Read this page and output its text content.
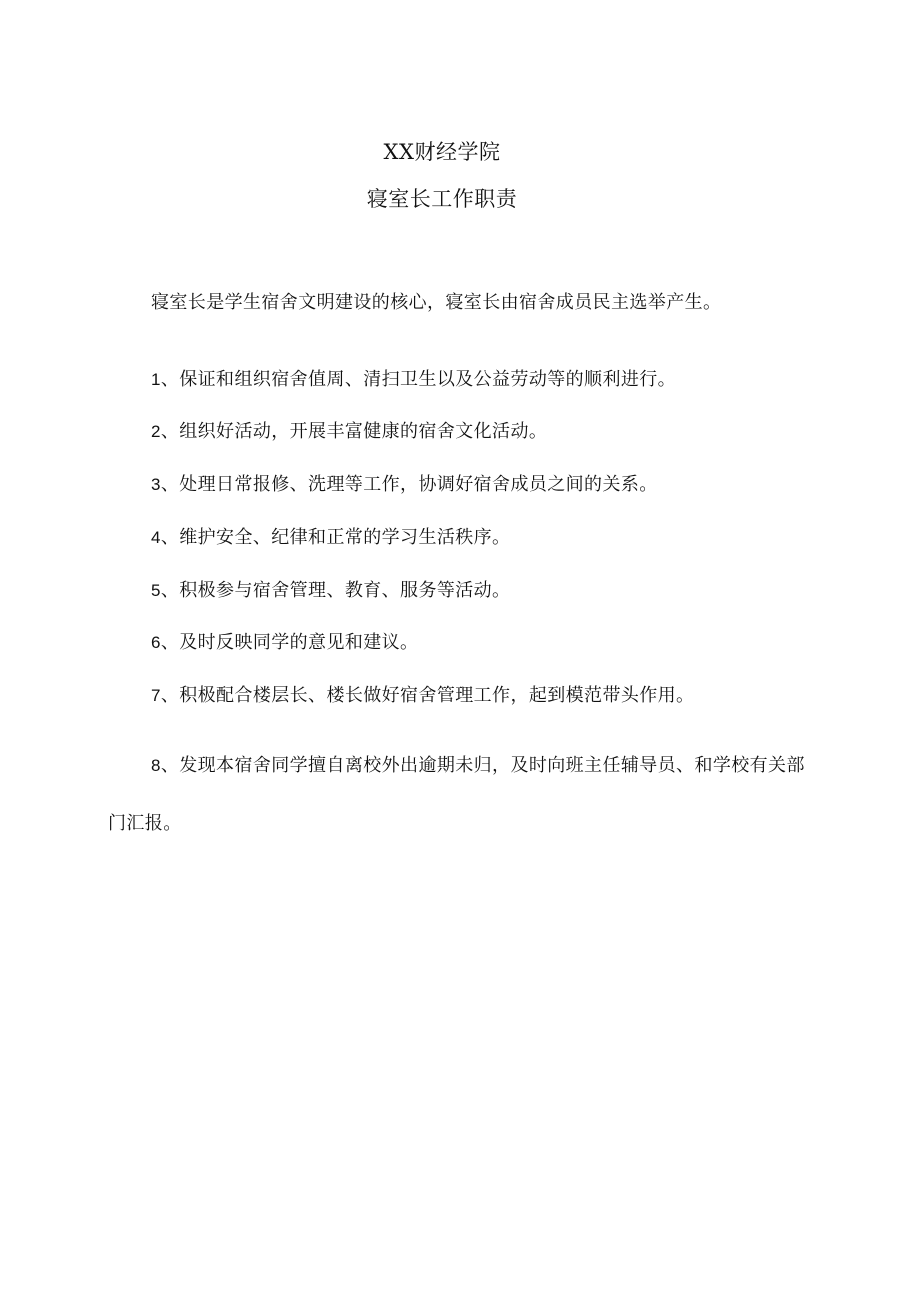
XX财经学院
寝室长工作职责
寝室长是学生宿舍文明建设的核心，寝室长由宿舍成员民主选举产生。
1、保证和组织宿舍值周、清扫卫生以及公益劳动等的顺利进行。
2、组织好活动，开展丰富健康的宿舍文化活动。
3、处理日常报修、洗理等工作，协调好宿舍成员之间的关系。
4、维护安全、纪律和正常的学习生活秩序。
5、积极参与宿舍管理、教育、服务等活动。
6、及时反映同学的意见和建议。
7、积极配合楼层长、楼长做好宿舍管理工作，起到模范带头作用。
8、发现本宿舍同学擅自离校外出逾期未归，及时向班主任辅导员、和学校有关部门汇报。
